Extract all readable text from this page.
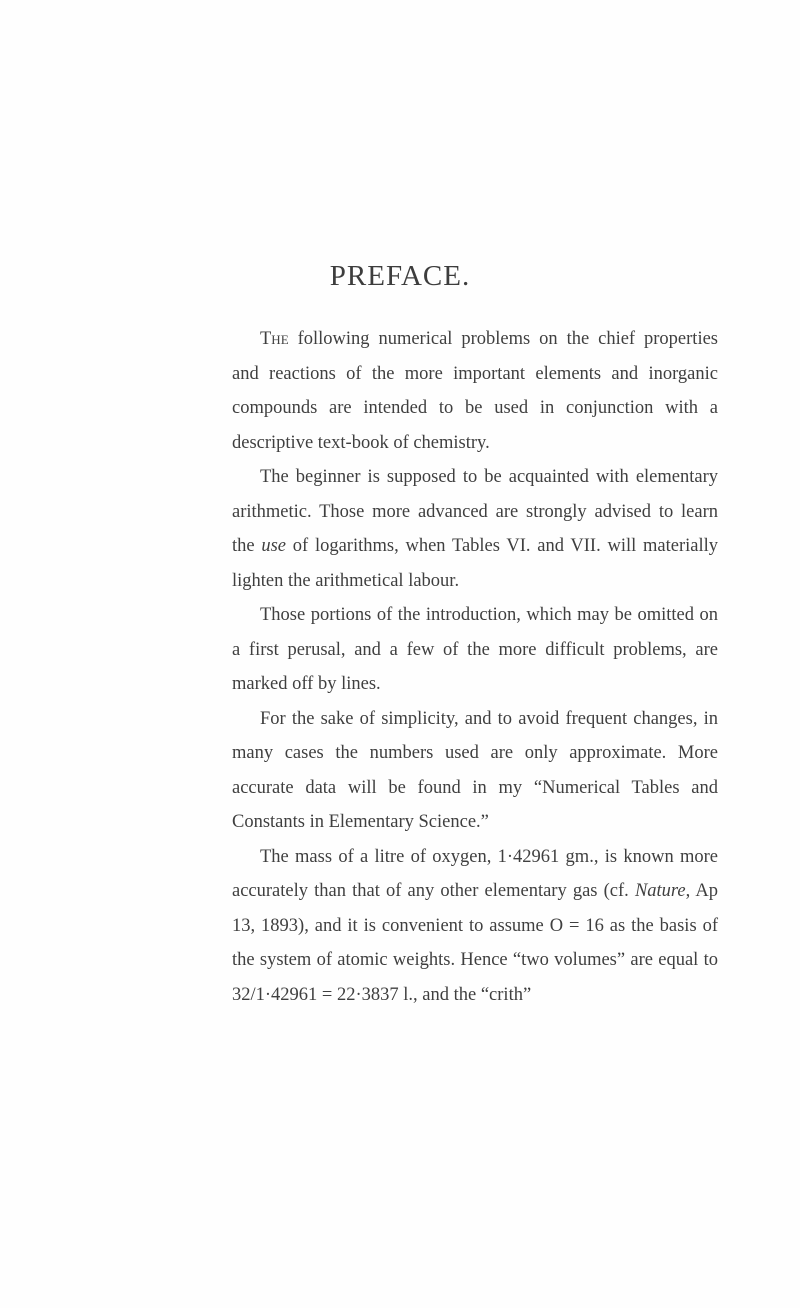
PREFACE.

The following numerical problems on the chief properties and reactions of the more important elements and inorganic compounds are intended to be used in conjunction with a descriptive text-book of chemistry.

The beginner is supposed to be acquainted with elementary arithmetic. Those more advanced are strongly advised to learn the use of logarithms, when Tables VI. and VII. will materially lighten the arithmetical labour.

Those portions of the introduction, which may be omitted on a first perusal, and a few of the more difficult problems, are marked off by lines.

For the sake of simplicity, and to avoid frequent changes, in many cases the numbers used are only approximate. More accurate data will be found in my “Numerical Tables and Constants in Elementary Science.”

The mass of a litre of oxygen, 1·42961 gm., is known more accurately than that of any other elementary gas (cf. Nature, Ap 13, 1893), and it is convenient to assume O = 16 as the basis of the system of atomic weights. Hence “two volumes” are equal to 32/1·42961 = 22·3837 l., and the “crith”
